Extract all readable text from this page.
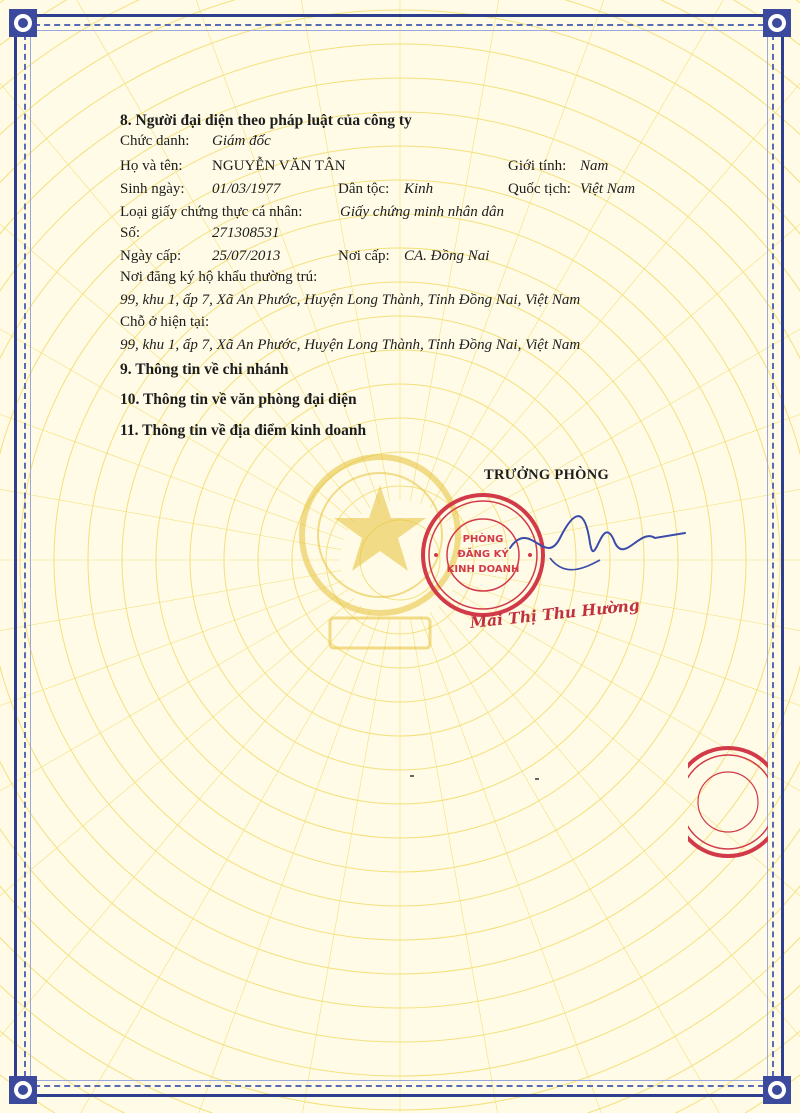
8. Người đại diện theo pháp luật của công ty
Chức danh: Giám đốc
Họ và tên: NGUYỄN VĂN TÂN	Giới tính: Nam
Sinh ngày: 01/03/1977	Dân tộc: Kinh	Quốc tịch: Việt Nam
Loại giấy chứng thực cá nhân:	Giấy chứng minh nhân dân
Số:	271308531
Ngày cấp: 25/07/2013	Nơi cấp: CA. Đồng Nai
Nơi đăng ký hộ khẩu thường trú:
99, khu 1, ấp 7, Xã An Phước, Huyện Long Thành, Tỉnh Đồng Nai, Việt Nam
Chỗ ở hiện tại:
99, khu 1, ấp 7, Xã An Phước, Huyện Long Thành, Tỉnh Đồng Nai, Việt Nam
9. Thông tin về chi nhánh
10. Thông tin về văn phòng đại diện
11. Thông tin về địa điểm kinh doanh
TRƯỞNG PHÒNG
PHÒNG
ĐĂNG KÝ
KINH DOANH
Mai Thị Thu Hường
